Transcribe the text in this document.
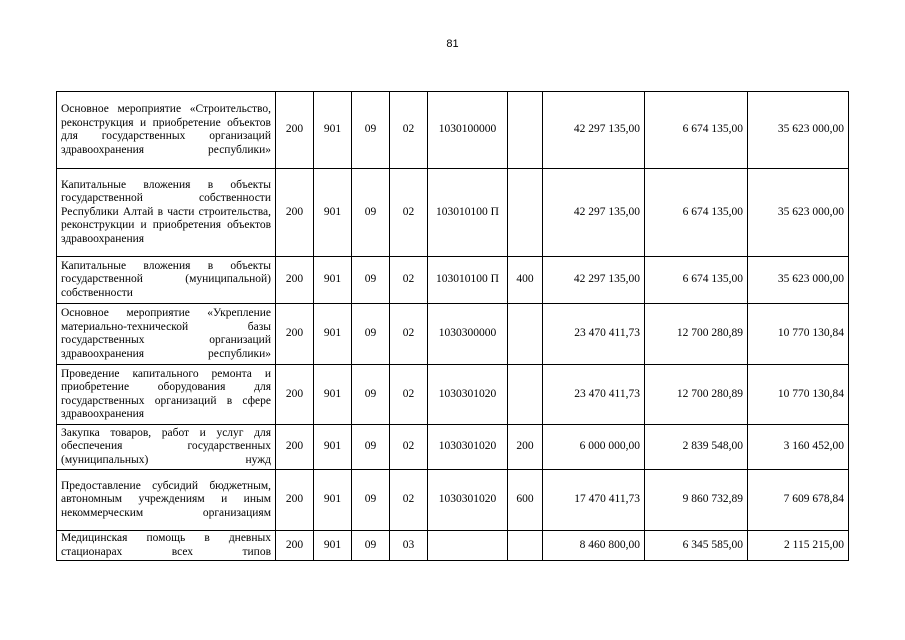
81
Основное мероприятие «Строительство, реконструкция и приобретение объектов для государственных организаций здравоохранения республики»	200	901	09	02	1030100000		42 297 135,00	6 674 135,00	35 623 000,00
Капитальные вложения в объекты государственной собственности Республики Алтай в части строительства, реконструкции и приобретения объектов здравоохранения	200	901	09	02	103010100 П		42 297 135,00	6 674 135,00	35 623 000,00
Капитальные вложения в объекты государственной (муниципальной) собственности	200	901	09	02	103010100 П	400	42 297 135,00	6 674 135,00	35 623 000,00
Основное мероприятие «Укрепление материально-технической базы государственных организаций здравоохранения республики»	200	901	09	02	1030300000		23 470 411,73	12 700 280,89	10 770 130,84
Проведение капитального ремонта и приобретение оборудования для государственных организаций в сфере здравоохранения	200	901	09	02	1030301020		23 470 411,73	12 700 280,89	10 770 130,84
Закупка товаров, работ и услуг для обеспечения государственных (муниципальных) нужд	200	901	09	02	1030301020	200	6 000 000,00	2 839 548,00	3 160 452,00
Предоставление субсидий бюджетным, автономным учреждениям и иным некоммерческим организациям	200	901	09	02	1030301020	600	17 470 411,73	9 860 732,89	7 609 678,84
Медицинская помощь в дневных стационарах всех типов	200	901	09	03			8 460 800,00	6 345 585,00	2 115 215,00
